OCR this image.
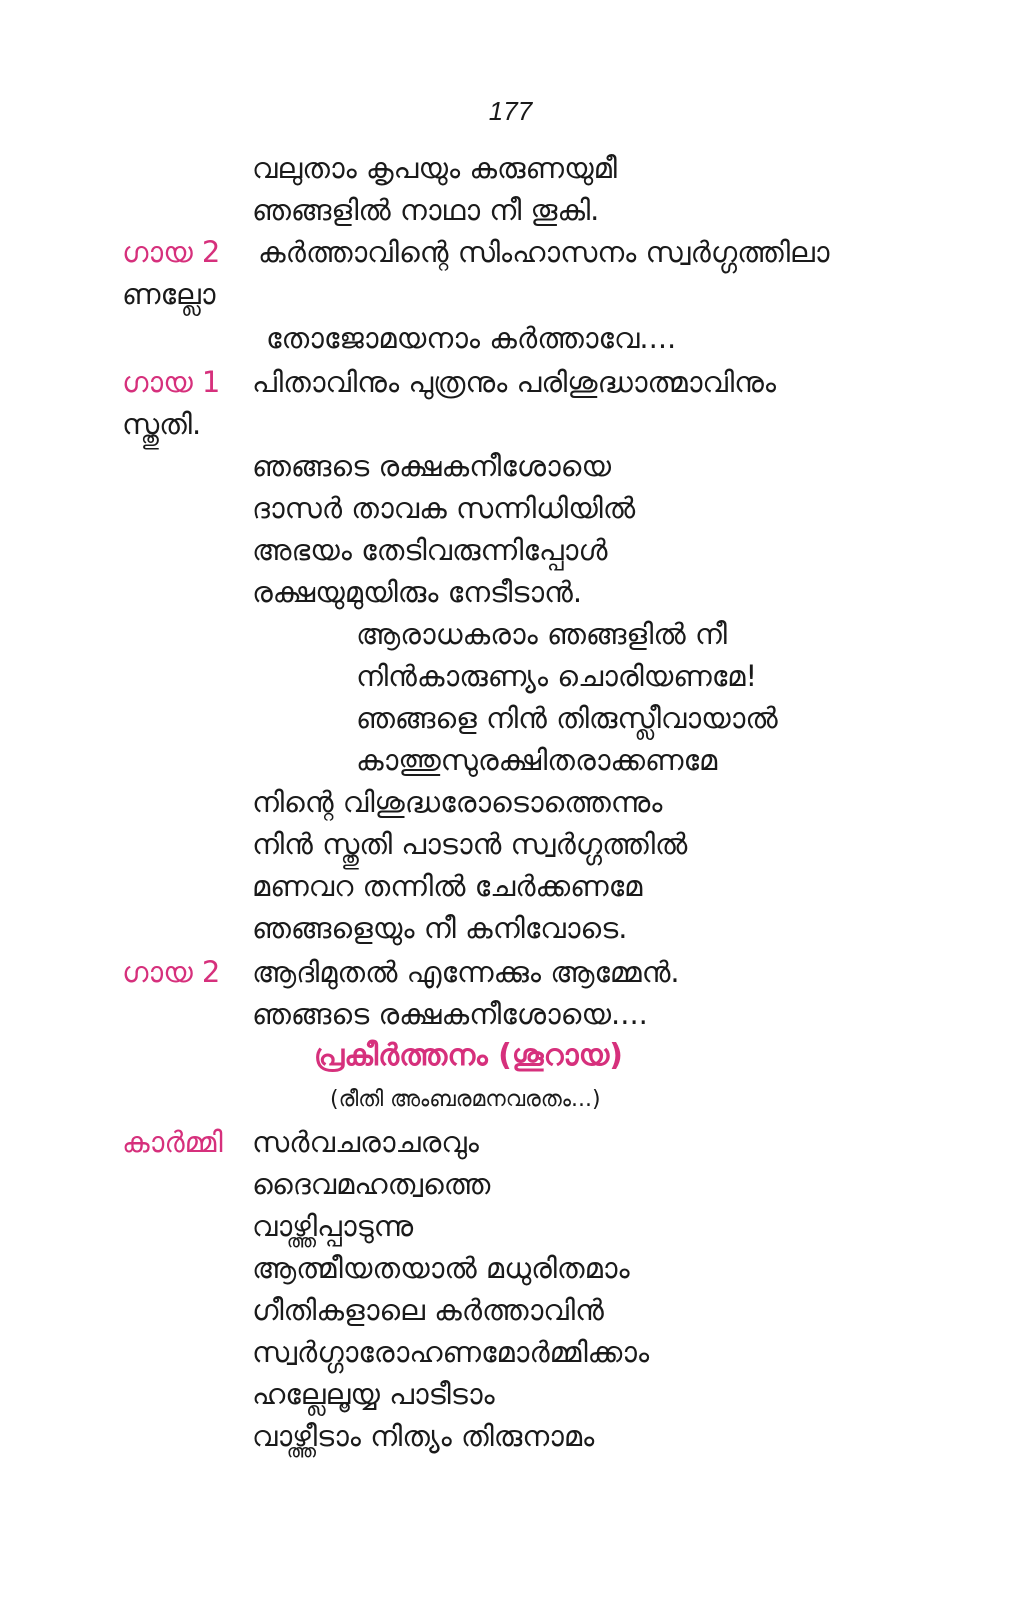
177
വലുതാം കൃപയും കരുണയുമീ
ഞങ്ങളിൽ നാഥാ നീ തൂകി.
ഗായ 2 കർത്താവിന്റെ സിംഹാസനം സ്വർഗ്ഗത്തിലാ
ണല്ലോ
തോജോമയനാം കർത്താവേ....
ഗായ 1 പിതാവിനും പുത്രനും പരിശുദ്ധാത്മാവിനും
സ്തുതി.
ഞങ്ങടെ രക്ഷകനീശോയെ
ദാസർ താവക സന്നിധിയിൽ
അഭയം തേടിവരുന്നിപ്പോൾ
രക്ഷയുമുയിരും നേടീടാൻ.
ആരാധകരാം ഞങ്ങളിൽ നീ
നിൻകാരുണ്യം ചൊരിയണമേ!
ഞങ്ങളെ നിൻ തിരുസ്ലീവായാൽ
കാത്തുസുരക്ഷിതരാക്കണമേ
നിന്റെ വിശുദ്ധരോടൊത്തെന്നും
നിൻ സ്തുതി പാടാൻ സ്വർഗ്ഗത്തിൽ
മണവറ തന്നിൽ ചേർക്കണമേ
ഞങ്ങളെയും നീ കനിവോടെ.
ഗായ 2 ആദിമുതൽ എന്നേക്കും ആമ്മേൻ.
ഞങ്ങടെ രക്ഷകനീശോയെ....
പ്രകീർത്തനം (ശൂറായ)
(രീതി അംബരമനവരതം...)
കാർമ്മി സർവചരാചരവും
ദൈവമഹത്വത്തെ
വാഴ്ത്തിപ്പാടുന്നു
ആത്മീയതയാൽ മധുരിതമാം
ഗീതികളാലെ കർത്താവിൻ
സ്വർഗ്ഗാരോഹണമോർമ്മിക്കാം
ഹല്ലേലൂയ്യ പാടീടാം
വാഴ്ത്തീടാം നിത്യം തിരുനാമം
